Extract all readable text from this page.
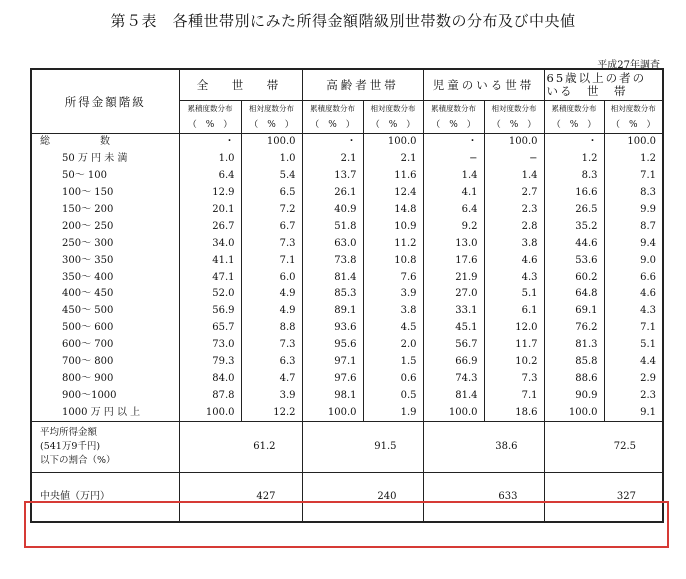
第５表　各種世帯別にみた所得金額階級別世帯数の分布及び中央値
平成27年調査
所得金額階級	全　世　帯		高齢者世帯		児童のいる世帯		65歳以上の者の
いる　世　帯	

	累積度数分布	相対度数分布	累積度数分布	相対度数分布	累積度数分布	相対度数分布	累積度数分布	相対度数分布
	（　%　）	（　%　）	（　%　）	（　%　）	（　%　）	（　%　）	（　%　）	（　%　）
総　　　　　数	・	100.0	・	100.0	・	100.0	・	100.0
50 万 円 未 満	1.0	1.0	2.1	2.1	−	−	1.2	1.2
50〜 100	6.4	5.4	13.7	11.6	1.4	1.4	8.3	7.1
100〜 150	12.9	6.5	26.1	12.4	4.1	2.7	16.6	8.3
150〜 200	20.1	7.2	40.9	14.8	6.4	2.3	26.5	9.9
200〜 250	26.7	6.7	51.8	10.9	9.2	2.8	35.2	8.7
250〜 300	34.0	7.3	63.0	11.2	13.0	3.8	44.6	9.4
300〜 350	41.1	7.1	73.8	10.8	17.6	4.6	53.6	9.0
350〜 400	47.1	6.0	81.4	7.6	21.9	4.3	60.2	6.6
400〜 450	52.0	4.9	85.3	3.9	27.0	5.1	64.8	4.6
450〜 500	56.9	4.9	89.1	3.8	33.1	6.1	69.1	4.3
500〜 600	65.7	8.8	93.6	4.5	45.1	12.0	76.2	7.1
600〜 700	73.0	7.3	95.6	2.0	56.7	11.7	81.3	5.1
700〜 800	79.3	6.3	97.1	1.5	66.9	10.2	85.8	4.4
800〜 900	84.0	4.7	97.6	0.6	74.3	7.3	88.6	2.9
900〜1000	87.8	3.9	98.1	0.5	81.4	7.1	90.9	2.3
1000 万 円 以 上	100.0	12.2	100.0	1.9	100.0	18.6	100.0	9.1

平均所得金額
(541万9千円)
以下の割合（%）	61.2		91.5		38.6		72.5	
中央値（万円）	427		240		633		327	
